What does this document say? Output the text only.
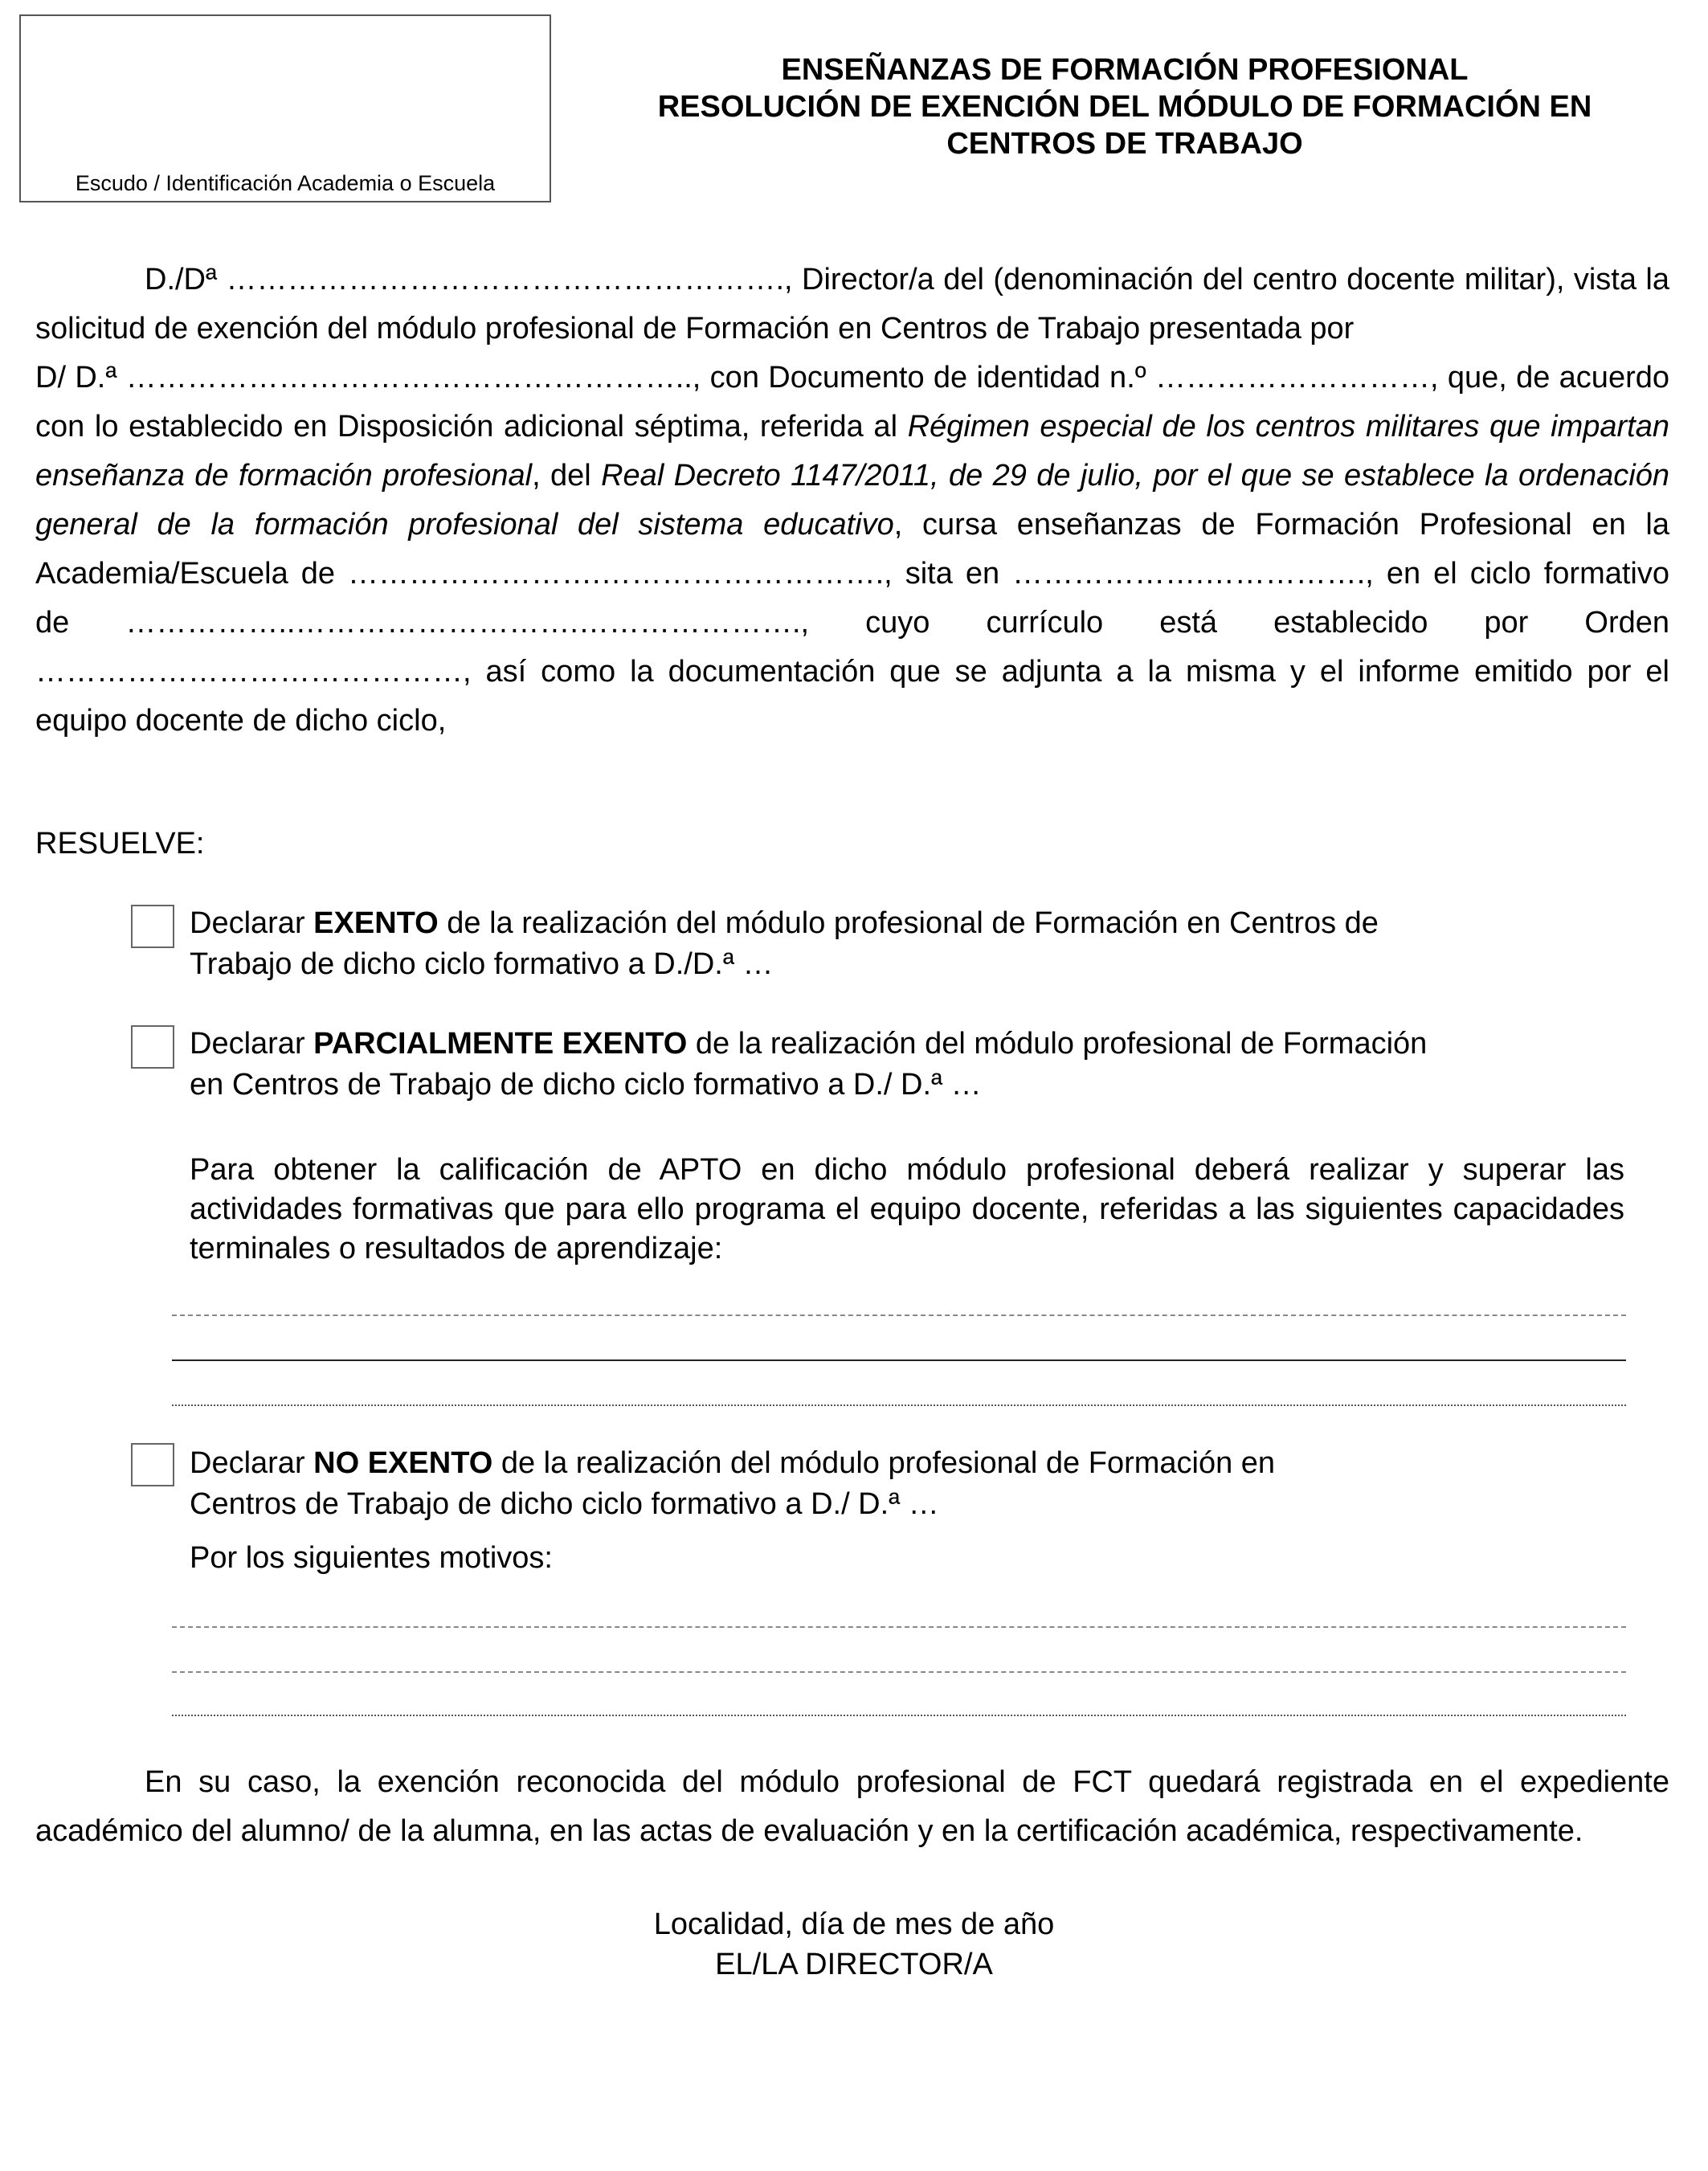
Escudo / Identificación Academia o Escuela
ENSEÑANZAS DE FORMACIÓN PROFESIONAL
RESOLUCIÓN DE EXENCIÓN DEL MÓDULO DE FORMACIÓN EN
CENTROS DE TRABAJO

D./Dª ………………………………………………., Director/a del (denominación del centro docente militar), vista la solicitud de exención del módulo profesional de Formación en Centros de Trabajo presentada por

D/ D.ª ……………………………………………….., con Documento de identidad n.º ………………………, que, de acuerdo con lo establecido en Disposición adicional séptima, referida al Régimen especial de los centros militares que impartan enseñanza de formación profesional, del Real Decreto 1147/2011, de 29 de julio, por el que se establece la ordenación general de la formación profesional del sistema educativo, cursa enseñanzas de Formación Profesional en la Academia/Escuela de …………………….………………………., sita en ……………….……………., en el ciclo formativo de ……………..……………………….…………………., cuyo currículo está establecido por Orden ……………………………………, así como la documentación que se adjunta a la misma y el informe emitido por el equipo docente de dicho ciclo,

RESUELVE:
Declarar EXENTO de la realización del módulo profesional de Formación en Centros de
Trabajo de dicho ciclo formativo a D./D.ª …
Declarar PARCIALMENTE EXENTO de la realización del módulo profesional de Formación
en Centros de Trabajo de dicho ciclo formativo a D./ D.ª …
Para obtener la calificación de APTO en dicho módulo profesional deberá realizar y superar las actividades formativas que para ello programa el equipo docente, referidas a las siguientes capacidades terminales o resultados de aprendizaje:
Declarar NO EXENTO de la realización del módulo profesional de Formación en
Centros de Trabajo de dicho ciclo formativo a D./ D.ª …
Por los siguientes motivos:

En su caso, la exención reconocida del módulo profesional de FCT quedará registrada en el expediente académico del alumno/ de la alumna, en las actas de evaluación y en la certificación académica, respectivamente.

Localidad, día de mes de año
EL/LA DIRECTOR/A
